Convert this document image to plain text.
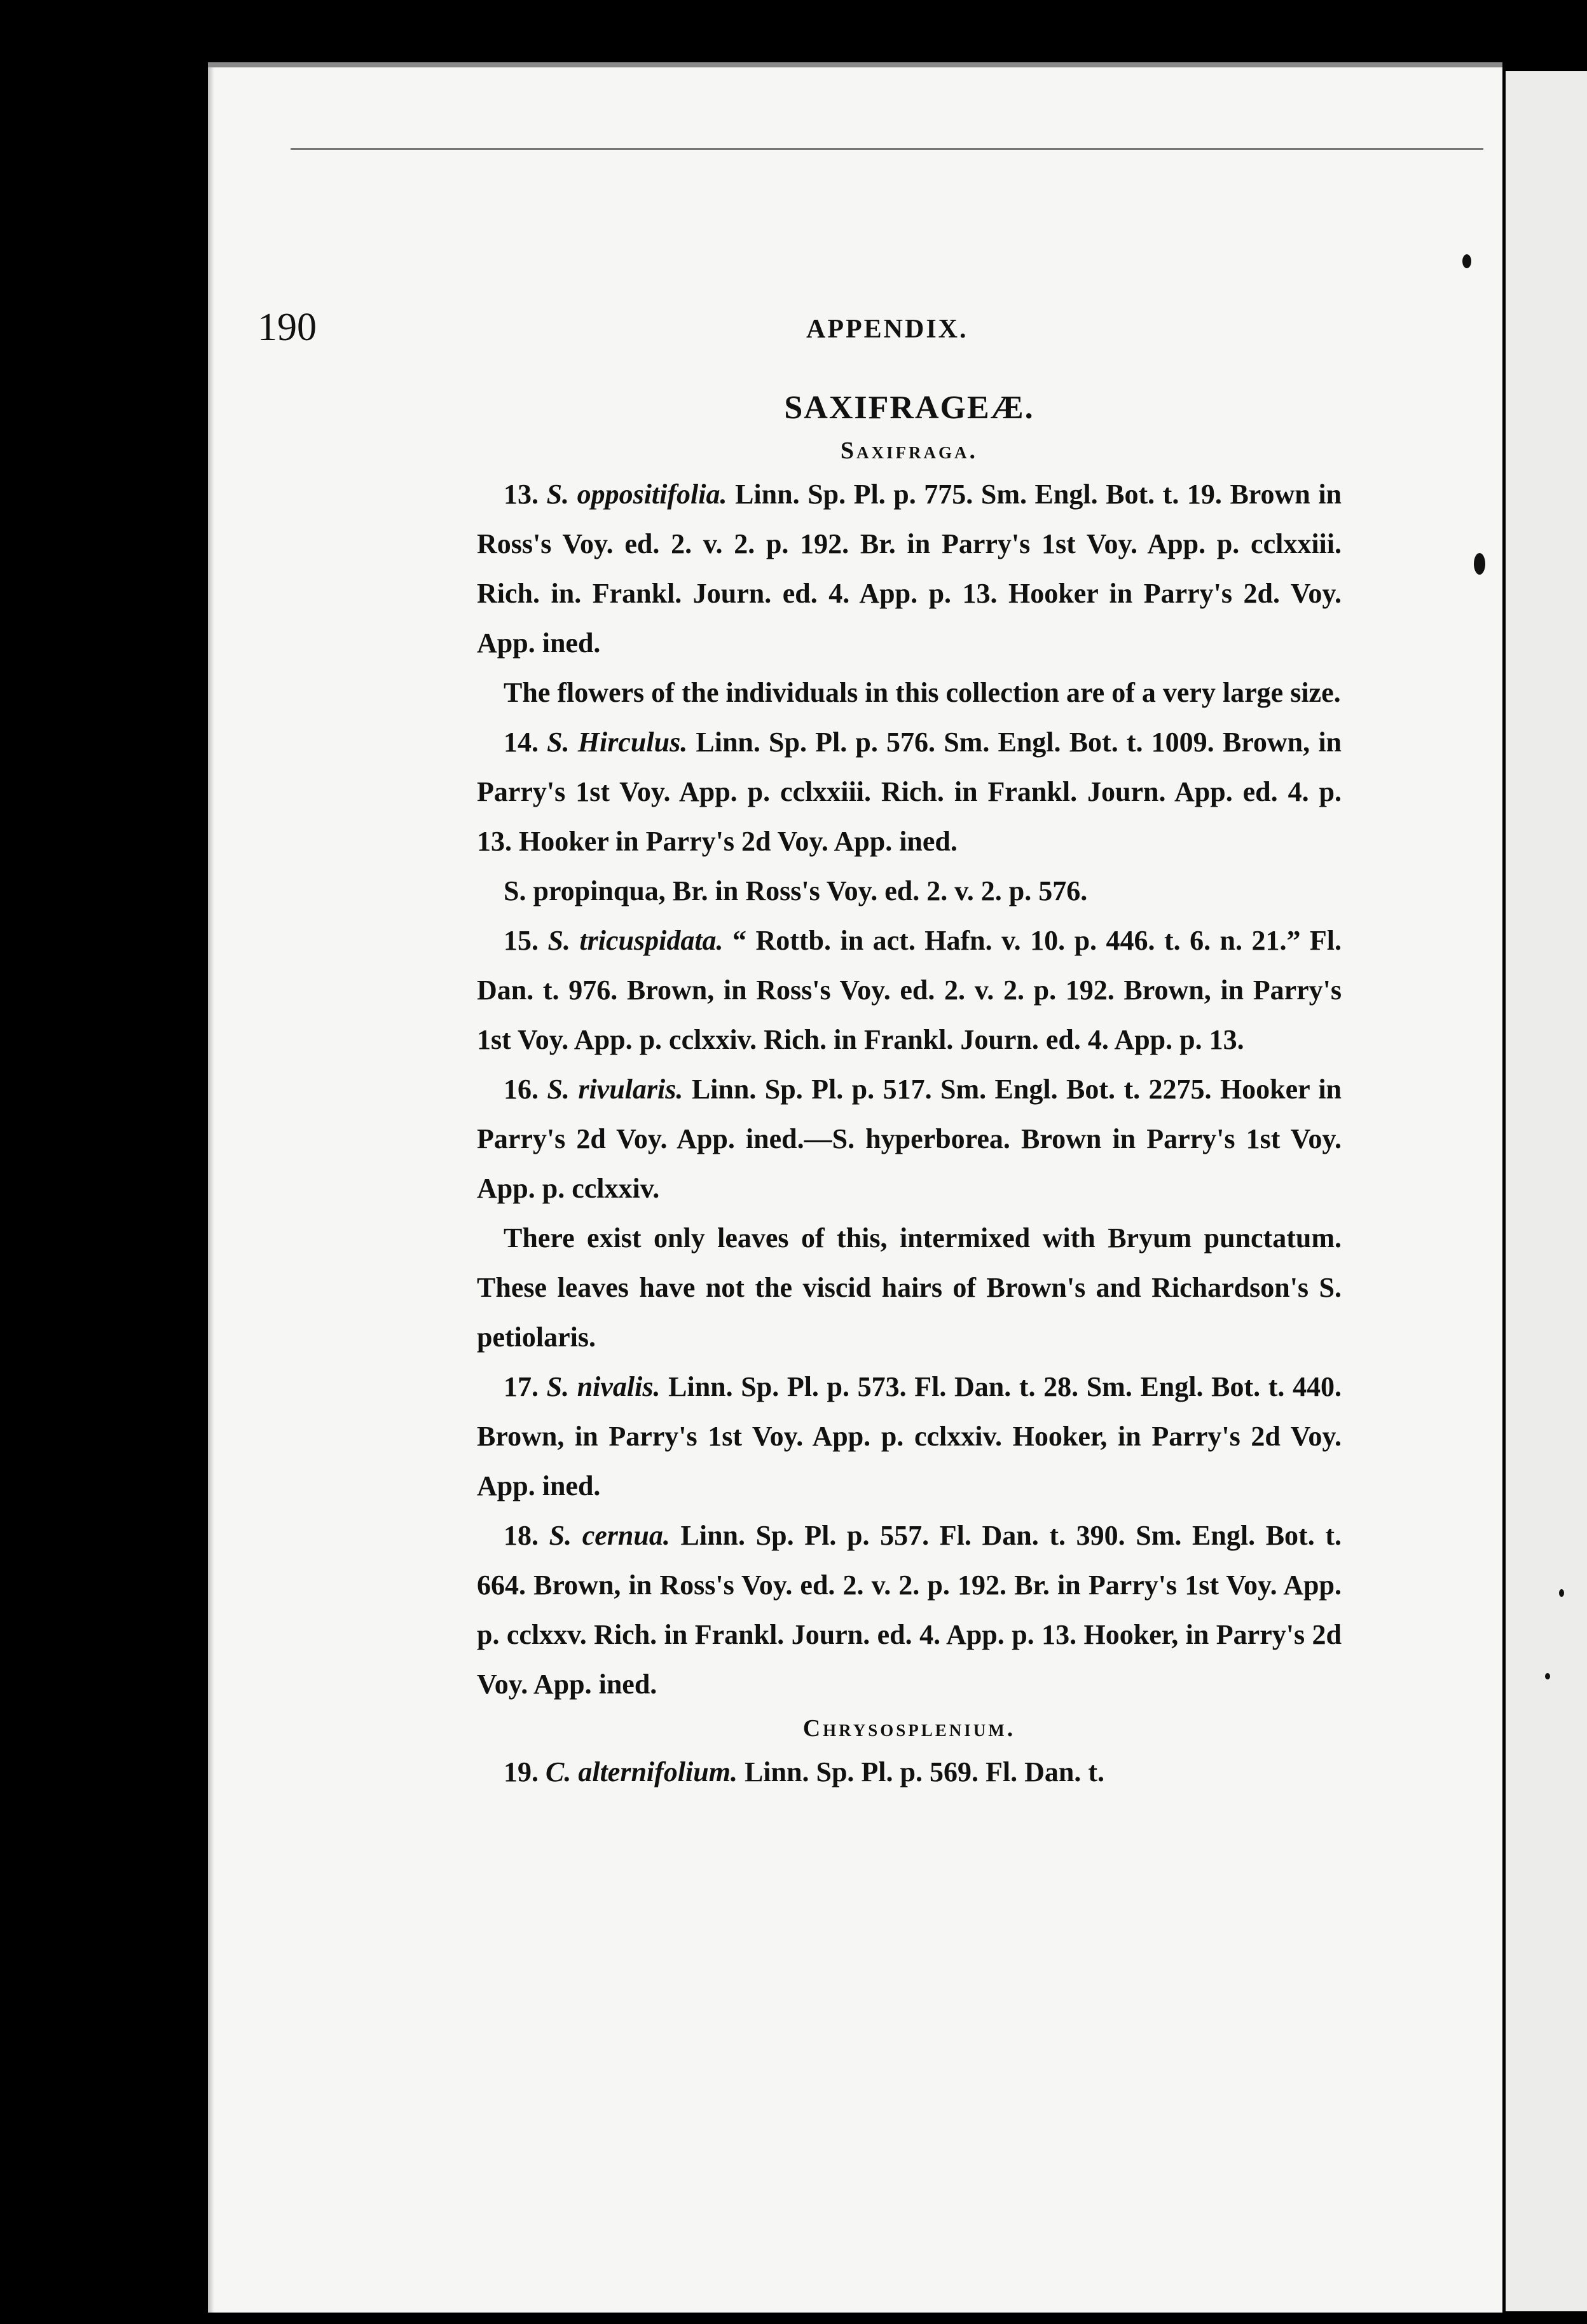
190	APPENDIX.
SAXIFRAGEÆ.
Saxifraga.

13. S. oppositifolia. Linn. Sp. Pl. p. 775. Sm. Engl. Bot. t. 19. Brown in Ross's Voy. ed. 2. v. 2. p. 192. Br. in Parry's 1st Voy. App. p. cclxxiii. Rich. in. Frankl. Journ. ed. 4. App. p. 13. Hooker in Parry's 2d. Voy. App. ined.

The flowers of the individuals in this collection are of a very large size.

14. S. Hirculus. Linn. Sp. Pl. p. 576. Sm. Engl. Bot. t. 1009. Brown, in Parry's 1st Voy. App. p. cclxxiii. Rich. in Frankl. Journ. App. ed. 4. p. 13. Hooker in Parry's 2d Voy. App. ined.

S. propinqua, Br. in Ross's Voy. ed. 2. v. 2. p. 576.

15. S. tricuspidata. “ Rottb. in act. Hafn. v. 10. p. 446. t. 6. n. 21.” Fl. Dan. t. 976. Brown, in Ross's Voy. ed. 2. v. 2. p. 192. Brown, in Parry's 1st Voy. App. p. cclxxiv. Rich. in Frankl. Journ. ed. 4. App. p. 13.

16. S. rivularis. Linn. Sp. Pl. p. 517. Sm. Engl. Bot. t. 2275. Hooker in Parry's 2d Voy. App. ined.—S. hyperborea. Brown in Parry's 1st Voy. App. p. cclxxiv.

There exist only leaves of this, intermixed with Bryum punctatum. These leaves have not the viscid hairs of Brown's and Richardson's S. petiolaris.

17. S. nivalis. Linn. Sp. Pl. p. 573. Fl. Dan. t. 28. Sm. Engl. Bot. t. 440. Brown, in Parry's 1st Voy. App. p. cclxxiv. Hooker, in Parry's 2d Voy. App. ined.

18. S. cernua. Linn. Sp. Pl. p. 557. Fl. Dan. t. 390. Sm. Engl. Bot. t. 664. Brown, in Ross's Voy. ed. 2. v. 2. p. 192. Br. in Parry's 1st Voy. App. p. cclxxv. Rich. in Frankl. Journ. ed. 4. App. p. 13. Hooker, in Parry's 2d Voy. App. ined.

Chrysosplenium.

19. C. alternifolium. Linn. Sp. Pl. p. 569. Fl. Dan. t.
